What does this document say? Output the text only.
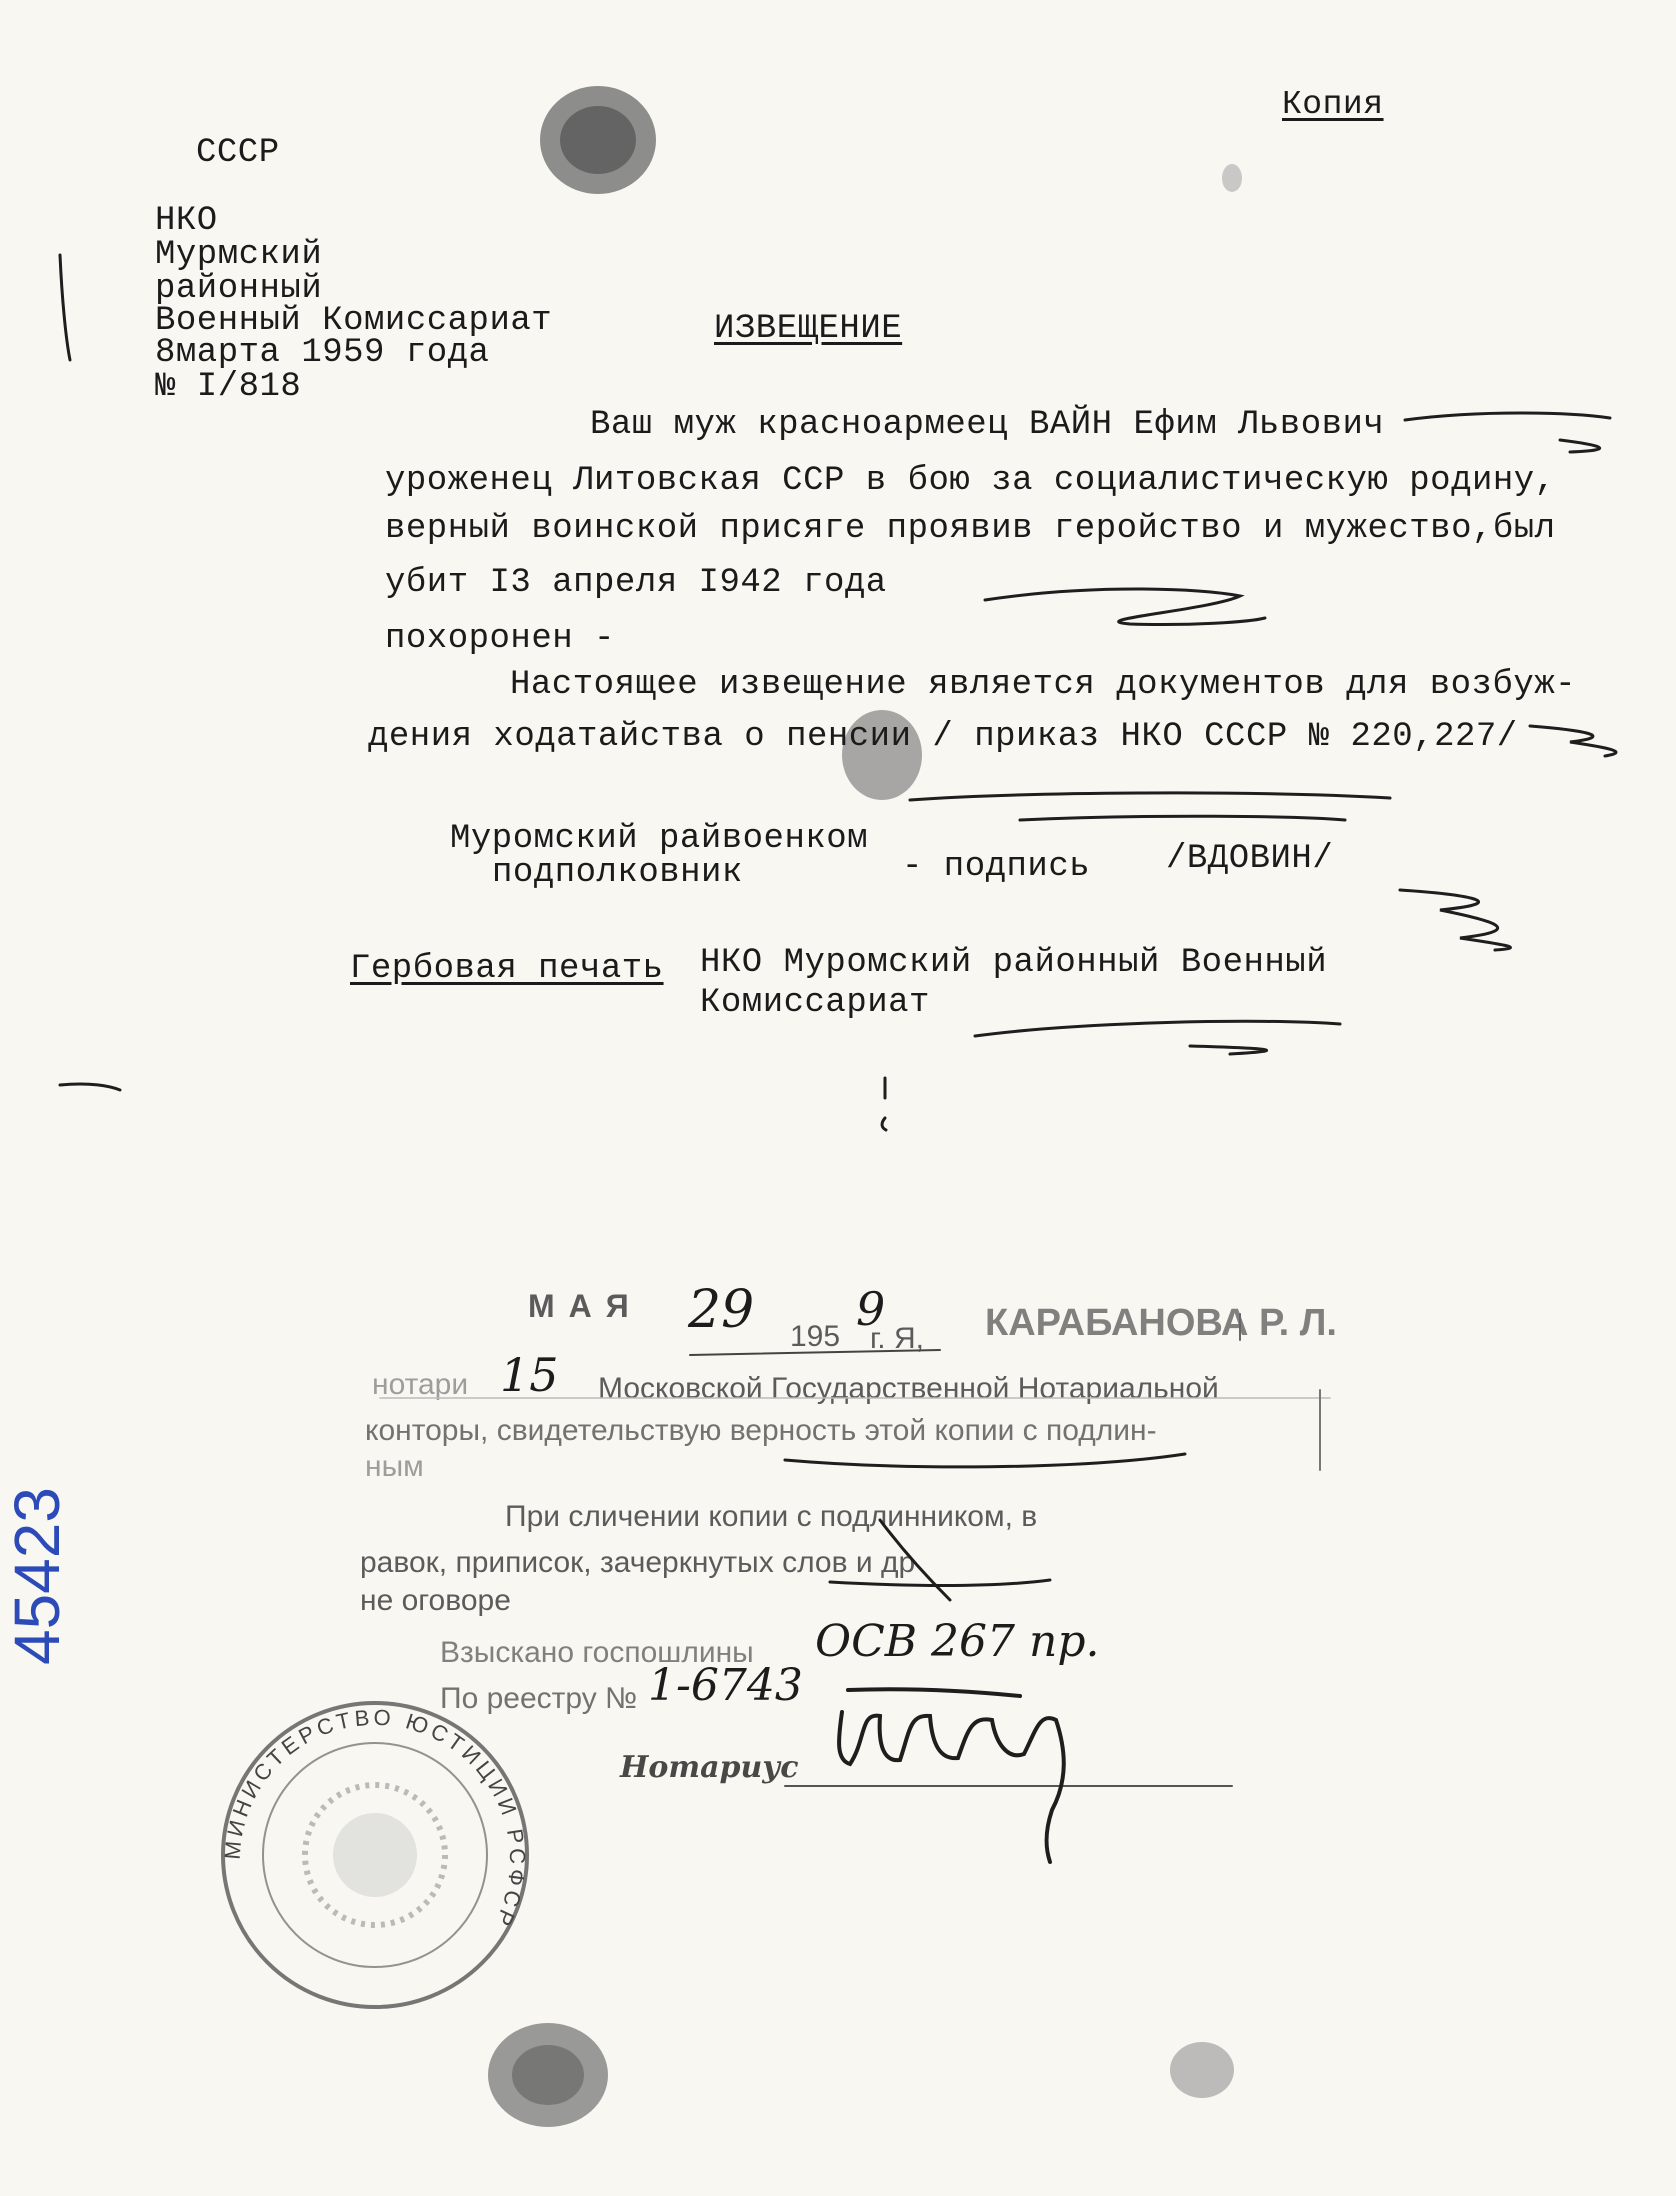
Копия
СССР
НКО
Мурмский
районный
Военный Комиссариат
8марта 1959 года
№ I/818
ИЗВЕЩЕНИЕ
Ваш муж красноармеец ВАЙН Ефим Львович
уроженец Литовская ССР в бою за социалистическую родину,
верный воинской присяге проявив геройство и мужество,был
убит I3 апреля I942 года
похоронен -
Настоящее извещение является документов для возбуж-
дения ходатайства о пенсии / приказ НКО СССР № 220,227/
Муромский райвоенком
подполковник	- подпись /ВДОВИН/
Гербовая печать НКО Муромский районный Военный
Комиссариат
МАЯ 29 195
9
г. Я, КАРАБАНОВА Р. Л.
нотари 15 Московской Государственной Нотариальной
конторы, свидетельствую верность этой копии с подлин-
ным
При сличении копии с подлинником, в
равок, приписок, зачеркнутых слов и др
не оговоре
Взыскано госпошлины ОСВ 267 пр.
По реестру № 1-6743
Нотариус
МИНИСТЕРСТВО ЮСТИЦИИ РСФСР
45423
